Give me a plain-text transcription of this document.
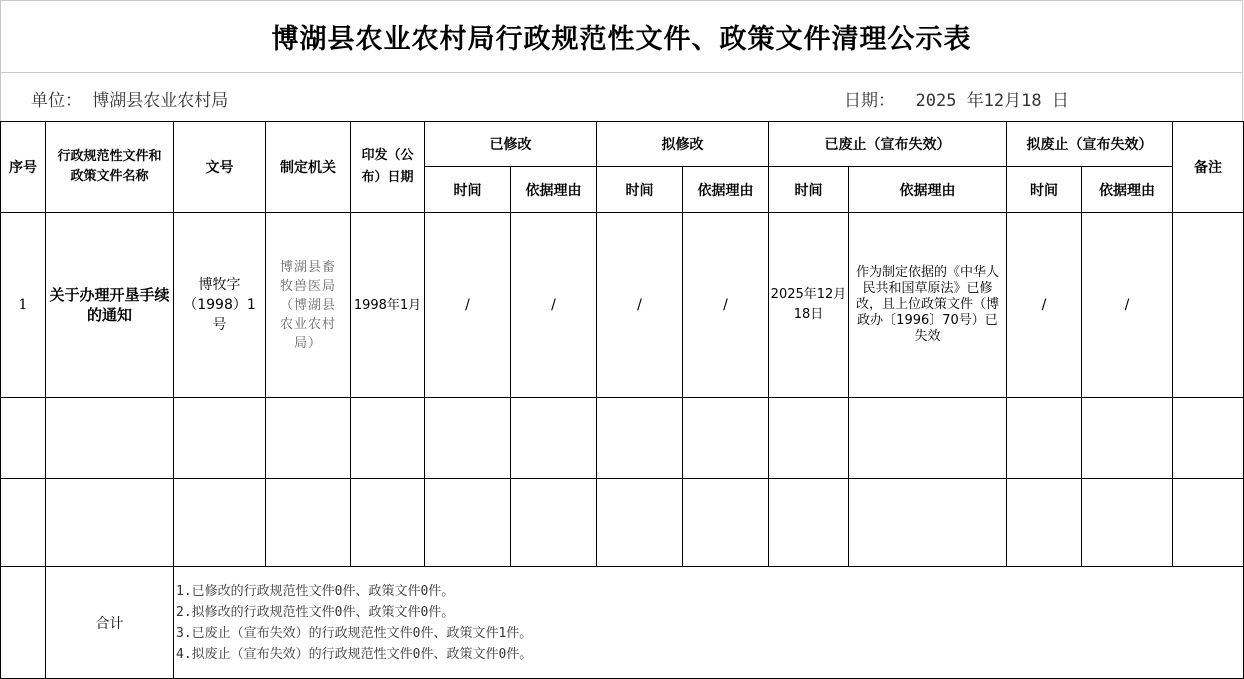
博湖县农业农村局行政规范性文件、政策文件清理公示表
单位： 博湖县农业农村局	日期： 2025 年12月18 日
序号	行政规范性文件和政策文件名称	文号	制定机关	印发（公布）日期	已修改		拟修改		已废止（宣布失效）		拟废止（宣布失效）		备注
					时间	依据理由	时间	依据理由	时间	依据理由	时间	依据理由	
1	关于办理开垦手续的通知	博牧字（1998）1号	博湖县畜牧兽医局（博湖县农业农村局）	1998年1月	/	/	/	/	2025年12月18日	作为制定依据的《中华人民共和国草原法》已修改，且上位政策文件（博政办〔1996〕70号）已失效	/	/	

	合计	1.已修改的行政规范性文件0件、政策文件0件。
2.拟修改的行政规范性文件0件、政策文件0件。
3.已废止（宣布失效）的行政规范性文件0件、政策文件1件。
4.拟废止（宣布失效）的行政规范性文件0件、政策文件0件。											
